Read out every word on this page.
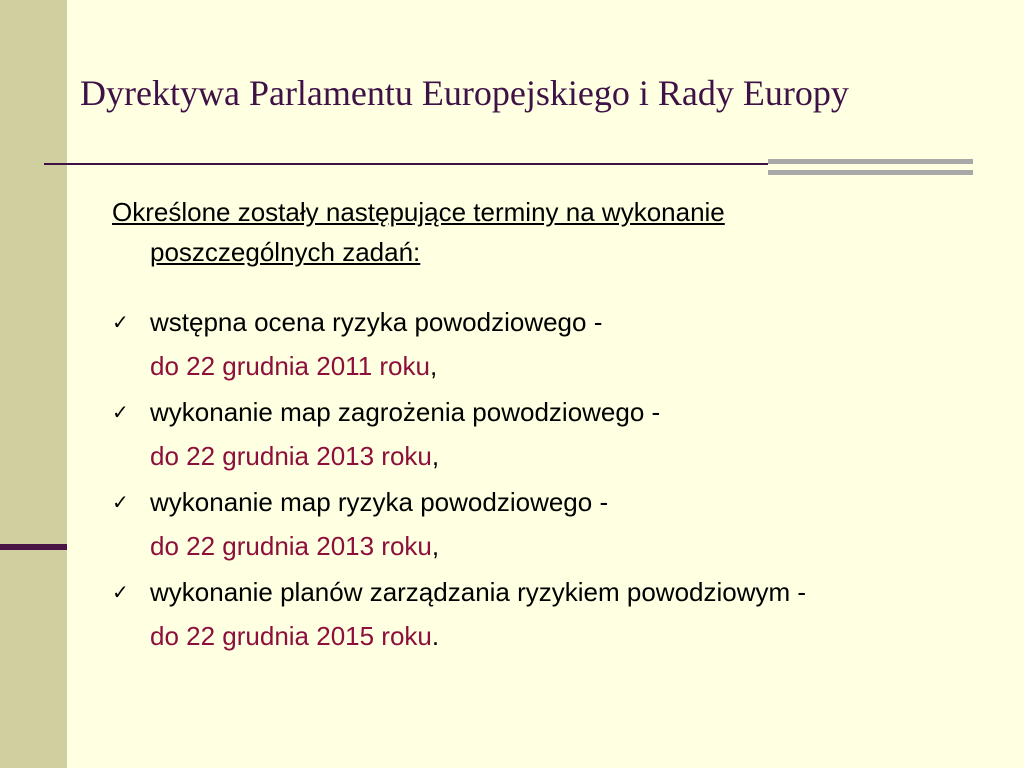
Dyrektywa Parlamentu Europejskiego i Rady Europy

Określone zostały następujące terminy na wykonanie
poszczególnych zadań:

✓ wstępna ocena ryzyka powodziowego -
do 22 grudnia 2011 roku,
✓ wykonanie map zagrożenia powodziowego -
do 22 grudnia 2013 roku,
✓ wykonanie map ryzyka powodziowego -
do 22 grudnia 2013 roku,
✓ wykonanie planów zarządzania ryzykiem powodziowym -
do 22 grudnia 2015 roku.
